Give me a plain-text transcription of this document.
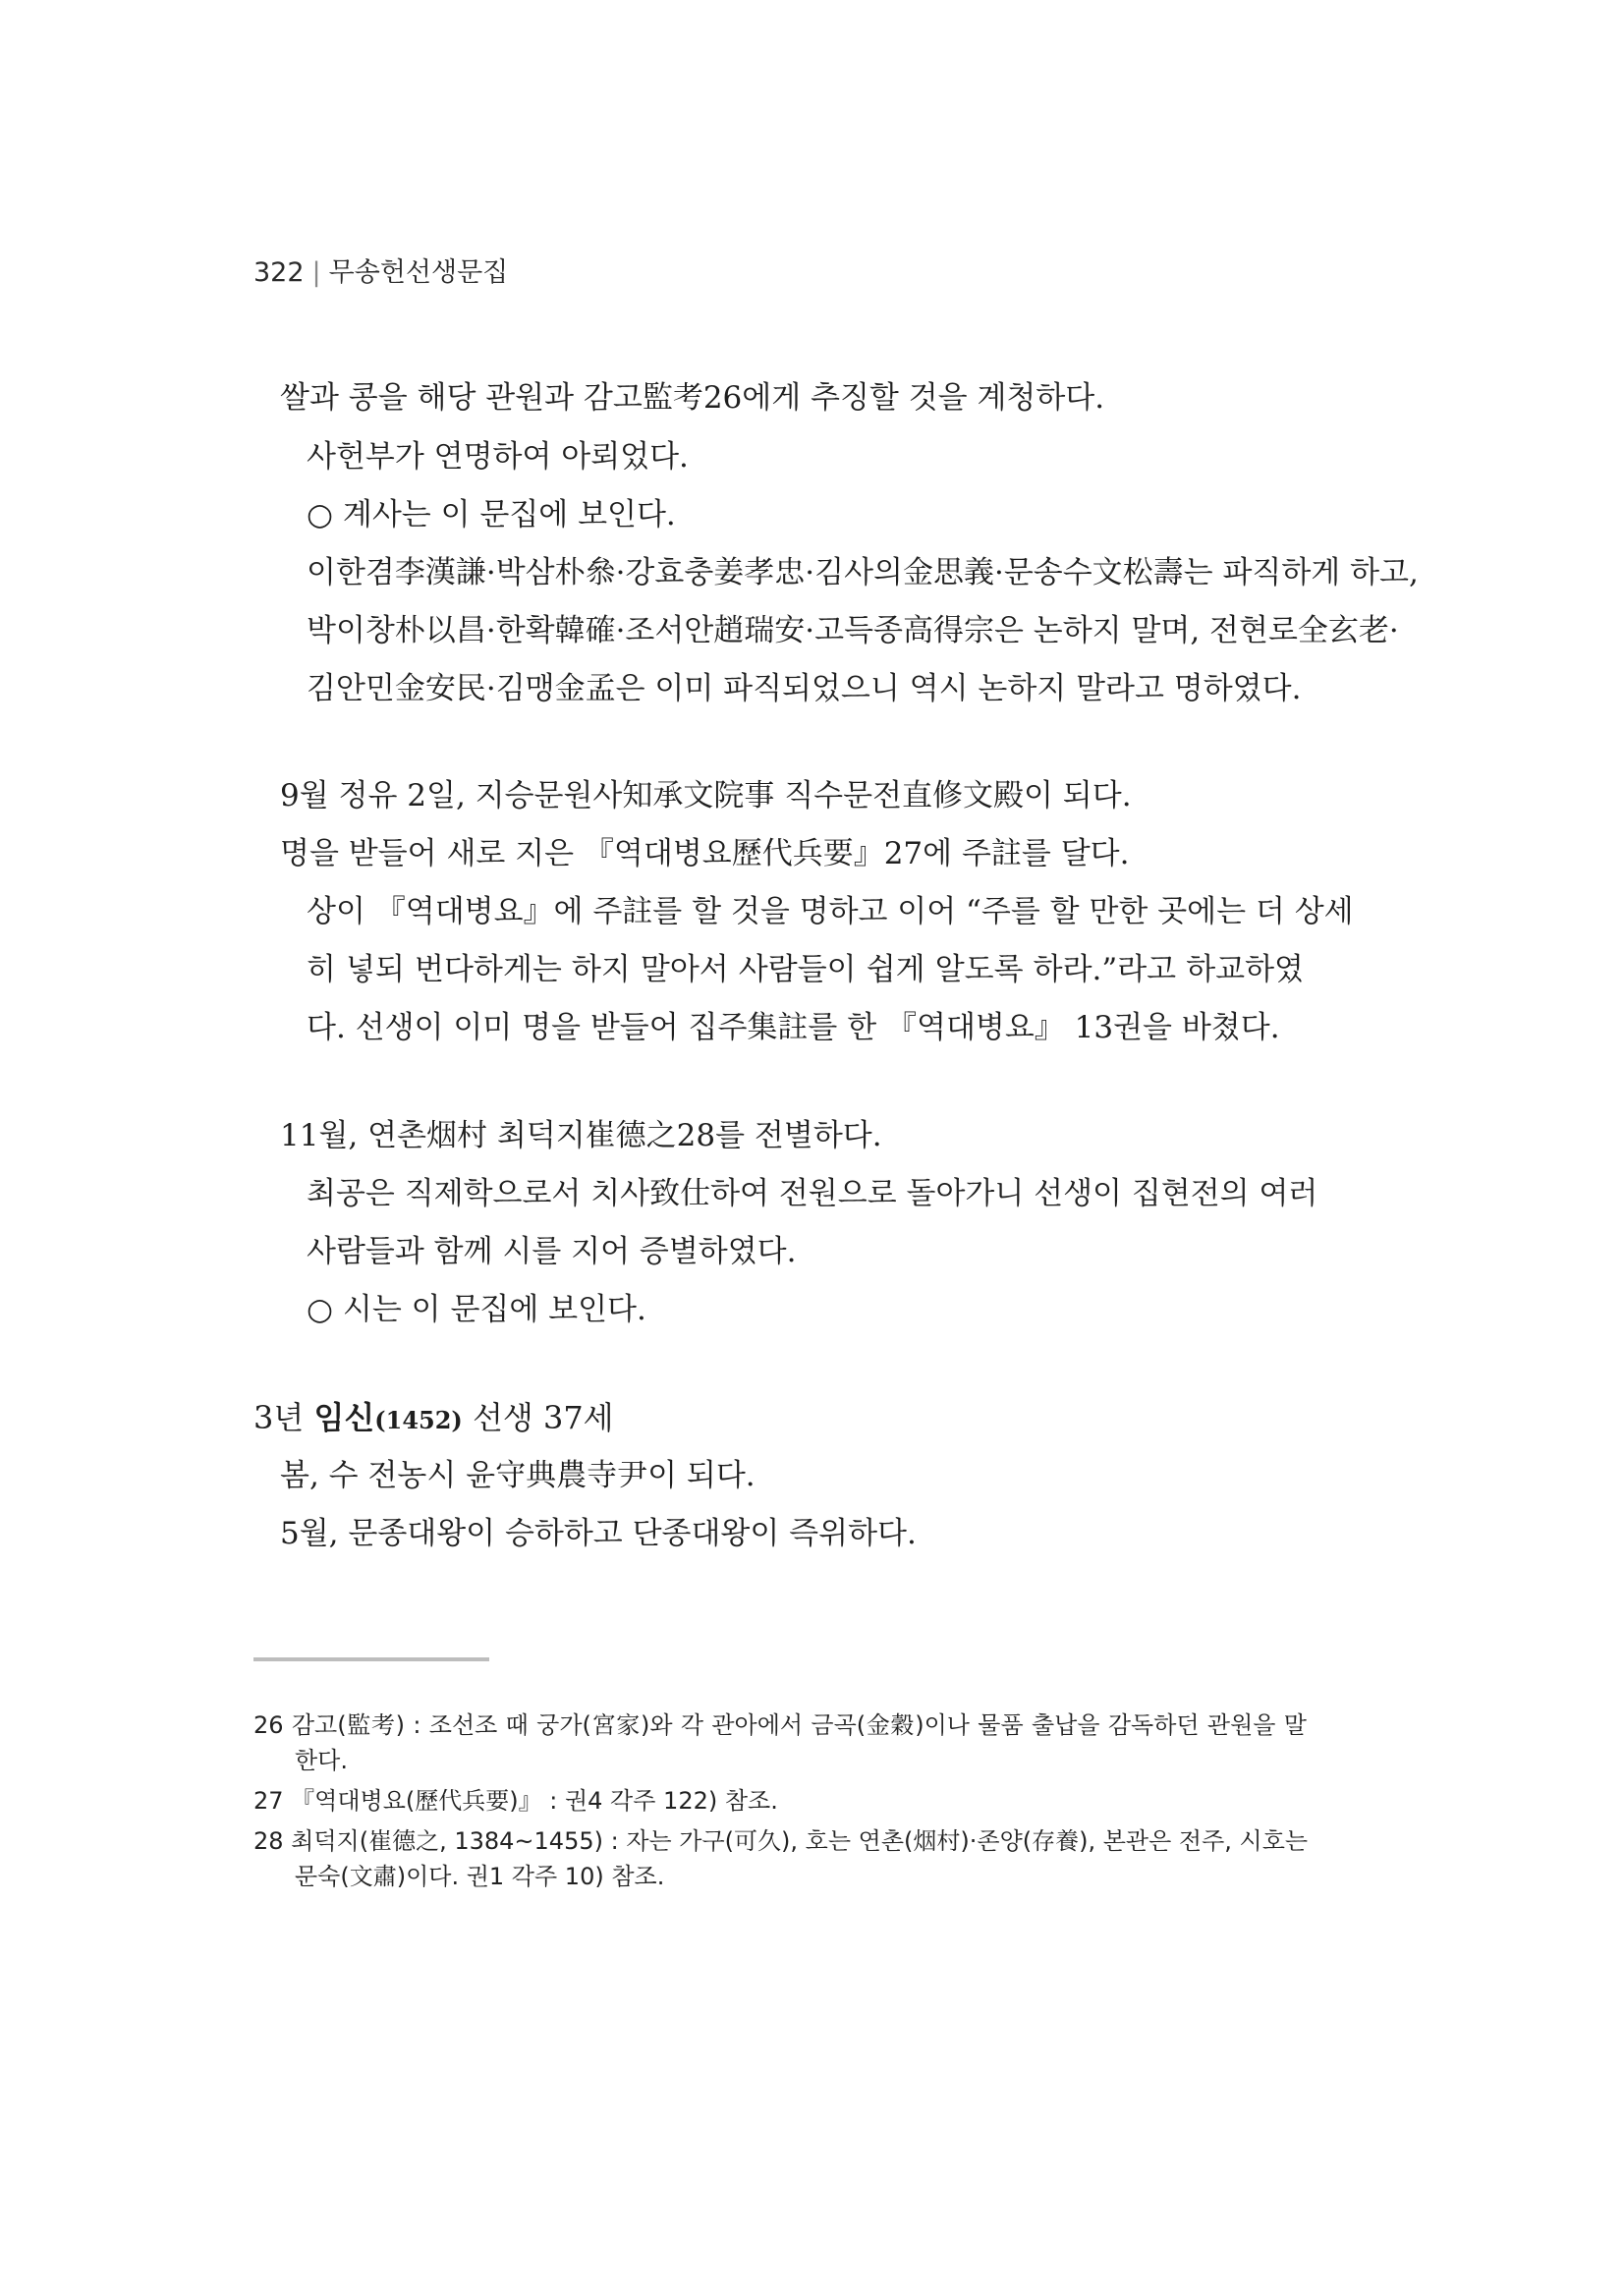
322 | 무송헌선생문집
쌀과 콩을 해당 관원과 감고監考26에게 추징할 것을 계청하다.
사헌부가 연명하여 아뢰었다.
○ 계사는 이 문집에 보인다.
이한겸李漢謙·박삼朴叅·강효충姜孝忠·김사의金思義·문송수文松壽는 파직하게 하고,
박이창朴以昌·한확韓確·조서안趙瑞安·고득종高得宗은 논하지 말며, 전현로全玄老·
김안민金安民·김맹金孟은 이미 파직되었으니 역시 논하지 말라고 명하였다.
9월 정유 2일, 지승문원사知承文院事 직수문전直修文殿이 되다.
명을 받들어 새로 지은 『역대병요歷代兵要』27에 주註를 달다.
상이 『역대병요』에 주註를 할 것을 명하고 이어 “주를 할 만한 곳에는 더 상세
히 넣되 번다하게는 하지 말아서 사람들이 쉽게 알도록 하라.”라고 하교하였
다. 선생이 이미 명을 받들어 집주集註를 한 『역대병요』 13권을 바쳤다.
11월, 연촌烟村 최덕지崔德之28를 전별하다.
최공은 직제학으로서 치사致仕하여 전원으로 돌아가니 선생이 집현전의 여러
사람들과 함께 시를 지어 증별하였다.
○ 시는 이 문집에 보인다.
3년 임신(1452) 선생 37세
봄, 수 전농시 윤守典農寺尹이 되다.
5월, 문종대왕이 승하하고 단종대왕이 즉위하다.
26 감고(監考) : 조선조 때 궁가(宮家)와 각 관아에서 금곡(金穀)이나 물품 출납을 감독하던 관원을 말
한다.
27 『역대병요(歷代兵要)』 : 권4 각주 122) 참조.
28 최덕지(崔德之, 1384~1455) : 자는 가구(可久), 호는 연촌(烟村)·존양(存養), 본관은 전주, 시호는
문숙(文肅)이다. 권1 각주 10) 참조.
